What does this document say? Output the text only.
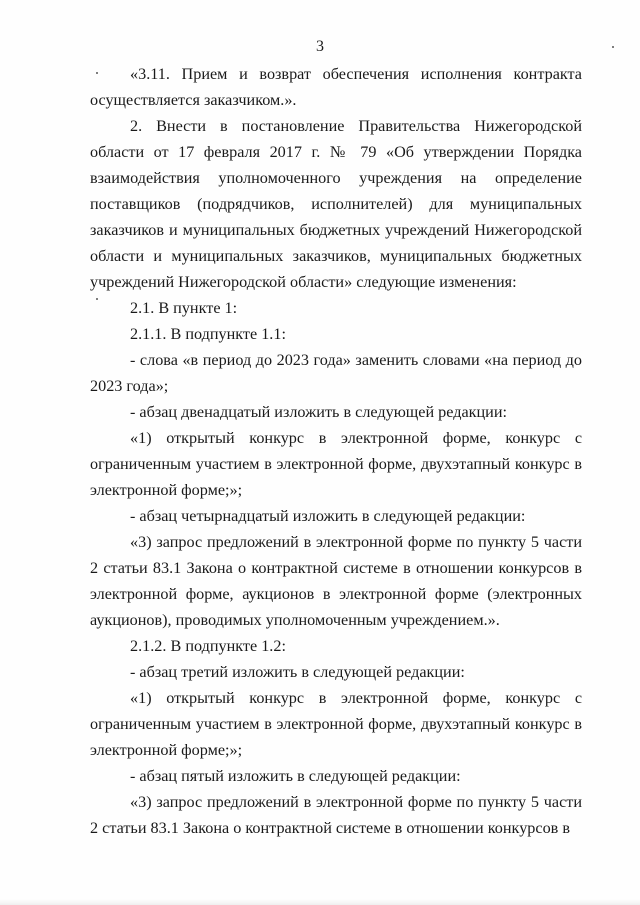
3

«3.11. Прием и возврат обеспечения исполнения контракта осуществляется заказчиком.».

2. Внести в постановление Правительства Нижегородской области от 17 февраля 2017 г. № 79 «Об утверждении Порядка взаимодействия уполномоченного учреждения на определение поставщиков (подрядчиков, исполнителей) для муниципальных заказчиков и муниципальных бюджетных учреждений Нижегородской области и муниципальных заказчиков, муниципальных бюджетных учреждений Нижегородской области» следующие изменения:

2.1. В пункте 1:

2.1.1. В подпункте 1.1:

- слова «в период до 2023 года» заменить словами «на период до 2023 года»;

- абзац двенадцатый изложить в следующей редакции:

«1) открытый конкурс в электронной форме, конкурс с ограниченным участием в электронной форме, двухэтапный конкурс в электронной форме;»;

- абзац четырнадцатый изложить в следующей редакции:

«3) запрос предложений в электронной форме по пункту 5 части 2 статьи 83.1 Закона о контрактной системе в отношении конкурсов в электронной форме, аукционов в электронной форме (электронных аукционов), проводимых уполномоченным учреждением.».

2.1.2. В подпункте 1.2:

- абзац третий изложить в следующей редакции:

«1) открытый конкурс в электронной форме, конкурс с ограниченным участием в электронной форме, двухэтапный конкурс в электронной форме;»;

- абзац пятый изложить в следующей редакции:

«3) запрос предложений в электронной форме по пункту 5 части 2 статьи 83.1 Закона о контрактной системе в отношении конкурсов в
